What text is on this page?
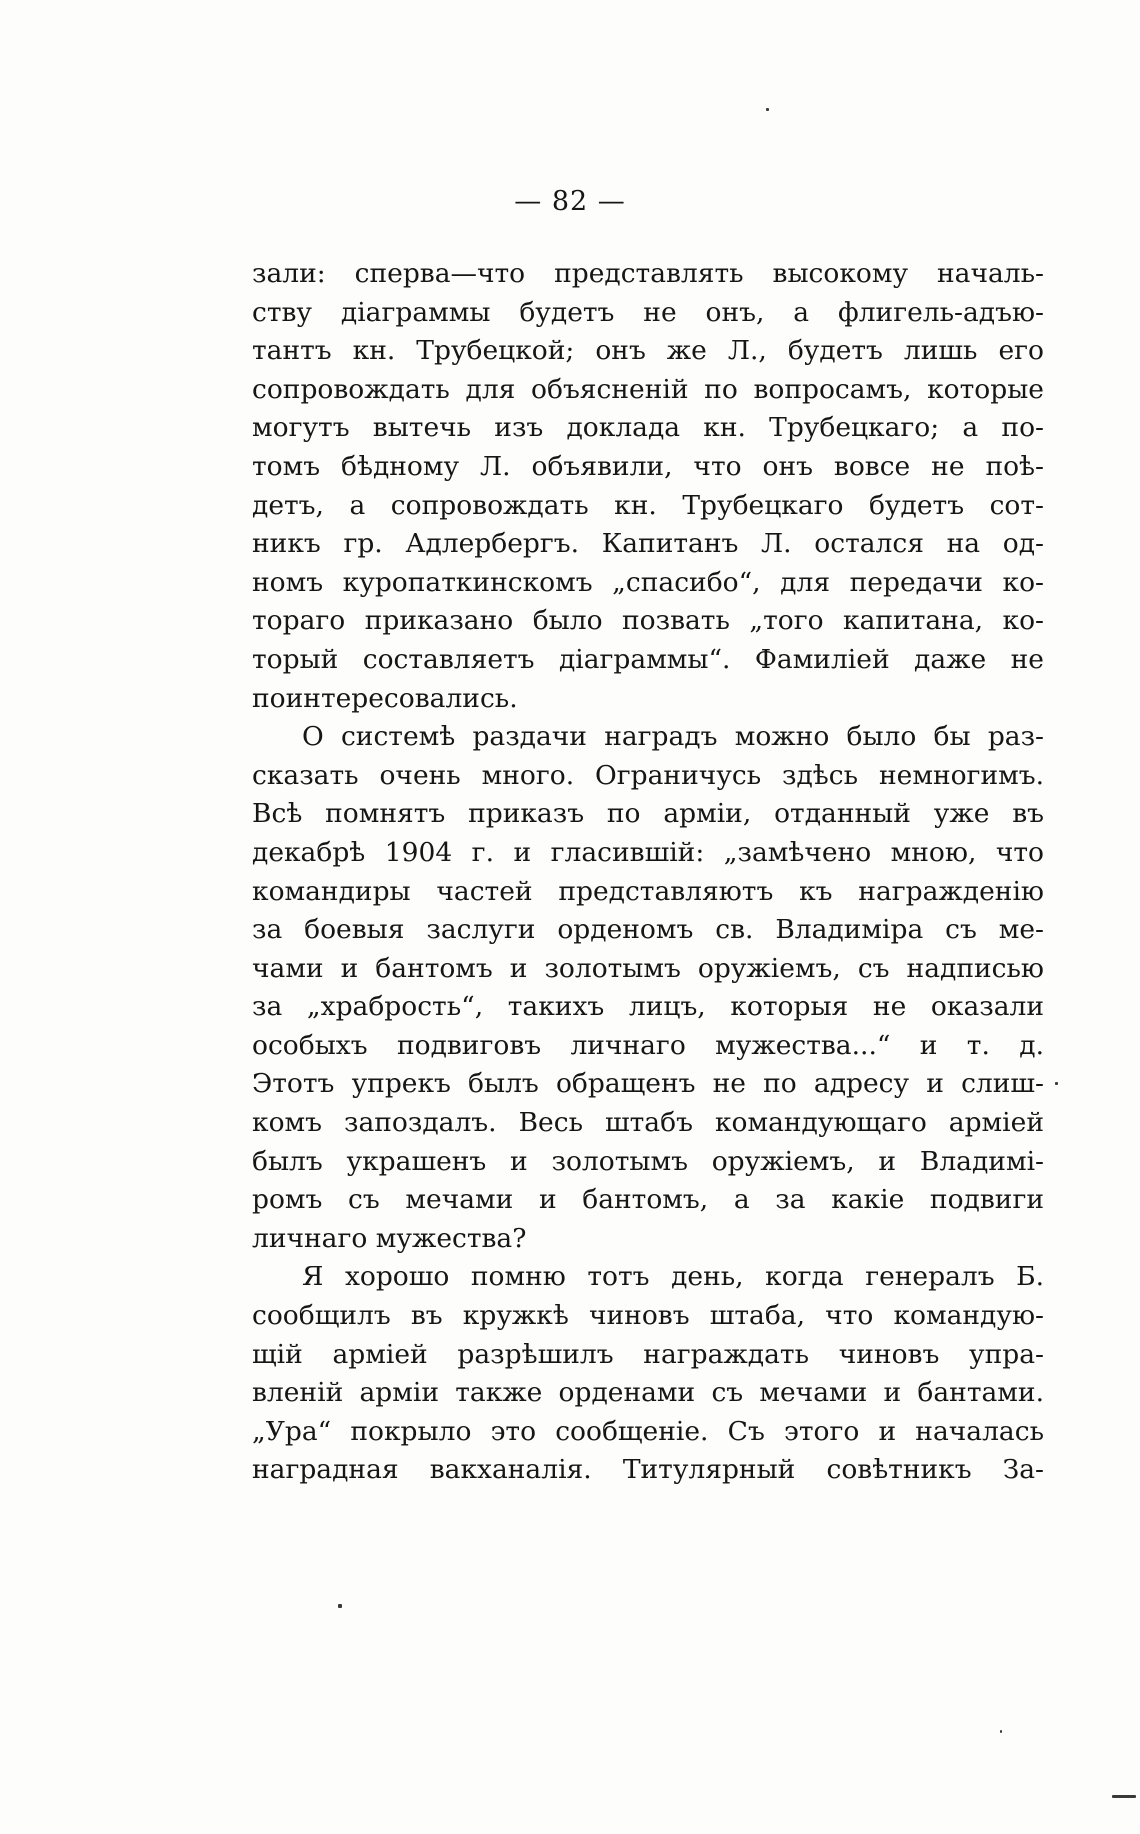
— 82 —
зали: сперва—что представлять высокому началь-
ству діаграммы будетъ не онъ, а флигель-адъю-
тантъ кн. Трубецкой; онъ же Л., будетъ лишь его
сопровождать для объясненій по вопросамъ, которые
могутъ вытечь изъ доклада кн. Трубецкаго; а по-
томъ бѣдному Л. объявили, что онъ вовсе не поѣ-
детъ, а сопровождать кн. Трубецкаго будетъ сот-
никъ гр. Адлербергъ. Капитанъ Л. остался на од-
номъ куропаткинскомъ „спасибо“, для передачи ко-
тораго приказано было позвать „того капитана, ко-
торый составляетъ діаграммы“. Фамиліей даже не
поинтересовались.
О системѣ раздачи наградъ можно было бы раз-
сказать очень много. Ограничусь здѣсь немногимъ.
Всѣ помнятъ приказъ по арміи, отданный уже въ
декабрѣ 1904 г. и гласившій: „замѣчено мною, что
командиры частей представляютъ къ награжденію
за боевыя заслуги орденомъ св. Владиміра съ ме-
чами и бантомъ и золотымъ оружіемъ, съ надписью
за „храбрость“, такихъ лицъ, которыя не оказали
особыхъ подвиговъ личнаго мужества...“ и т. д.
Этотъ упрекъ былъ обращенъ не по адресу и слиш-
комъ запоздалъ. Весь штабъ командующаго арміей
былъ украшенъ и золотымъ оружіемъ, и Владимі-
ромъ съ мечами и бантомъ, а за какіе подвиги
личнаго мужества?
Я хорошо помню тотъ день, когда генералъ Б.
сообщилъ въ кружкѣ чиновъ штаба, что командую-
щій арміей разрѣшилъ награждать чиновъ упра-
вленій арміи также орденами съ мечами и бантами.
„Ура“ покрыло это сообщеніе. Съ этого и началась
наградная вакханалія. Титулярный совѣтникъ За-
